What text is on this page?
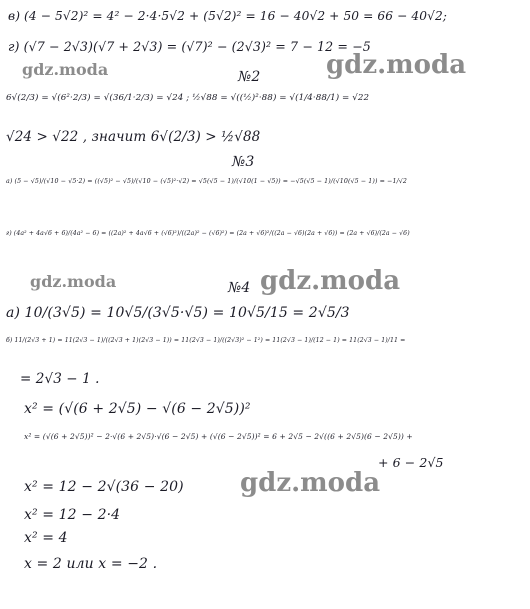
gdz.moda	gdz.moda
gdz.moda	gdz.moda
gdz.moda
№2
№3
№4
в) (4 − 5√2)² = 4² − 2·4·5√2 + (5√2)² = 16 − 40√2 + 50 = 66 − 40√2;
г) (√7 − 2√3)(√7 + 2√3) = (√7)² − (2√3)² = 7 − 12 = −5
6√(2/3) = √(6²·2/3) = √(36/1·2/3) = √24 ; ½√88 = √((½)²·88) = √(1/4·88/1) = √22
√24 > √22 , значит 6√(2/3) > ½√88
а) (5 − √5)/(√10 − √5·2) = ((√5)² − √5)/(√10 − (√5)²·√2) = √5(√5 − 1)/(√10(1 − √5)) = −√5(√5 − 1)/(√10(√5 − 1)) = −1/√2
г) (4a² + 4a√6 + 6)/(4a² − 6) = ((2a)² + 4a√6 + (√6)²)/((2a)² − (√6)²) = (2a + √6)²/((2a − √6)(2a + √6)) = (2a + √6)/(2a − √6)
а) 10/(3√5) = 10√5/(3√5·√5) = 10√5/15 = 2√5/3
б) 11/(2√3 + 1) = 11(2√3 − 1)/((2√3 + 1)(2√3 − 1)) = 11(2√3 − 1)/((2√3)² − 1²) = 11(2√3 − 1)/(12 − 1) = 11(2√3 − 1)/11 =
= 2√3 − 1 .
x² = (√(6 + 2√5) − √(6 − 2√5))²
x² = (√(6 + 2√5))² − 2·√(6 + 2√5)·√(6 − 2√5) + (√(6 − 2√5))² = 6 + 2√5 − 2√((6 + 2√5)(6 − 2√5)) +
+ 6 − 2√5
x² = 12 − 2√(36 − 20)
x² = 12 − 2·4
x² = 4
x = 2 или x = −2 .
